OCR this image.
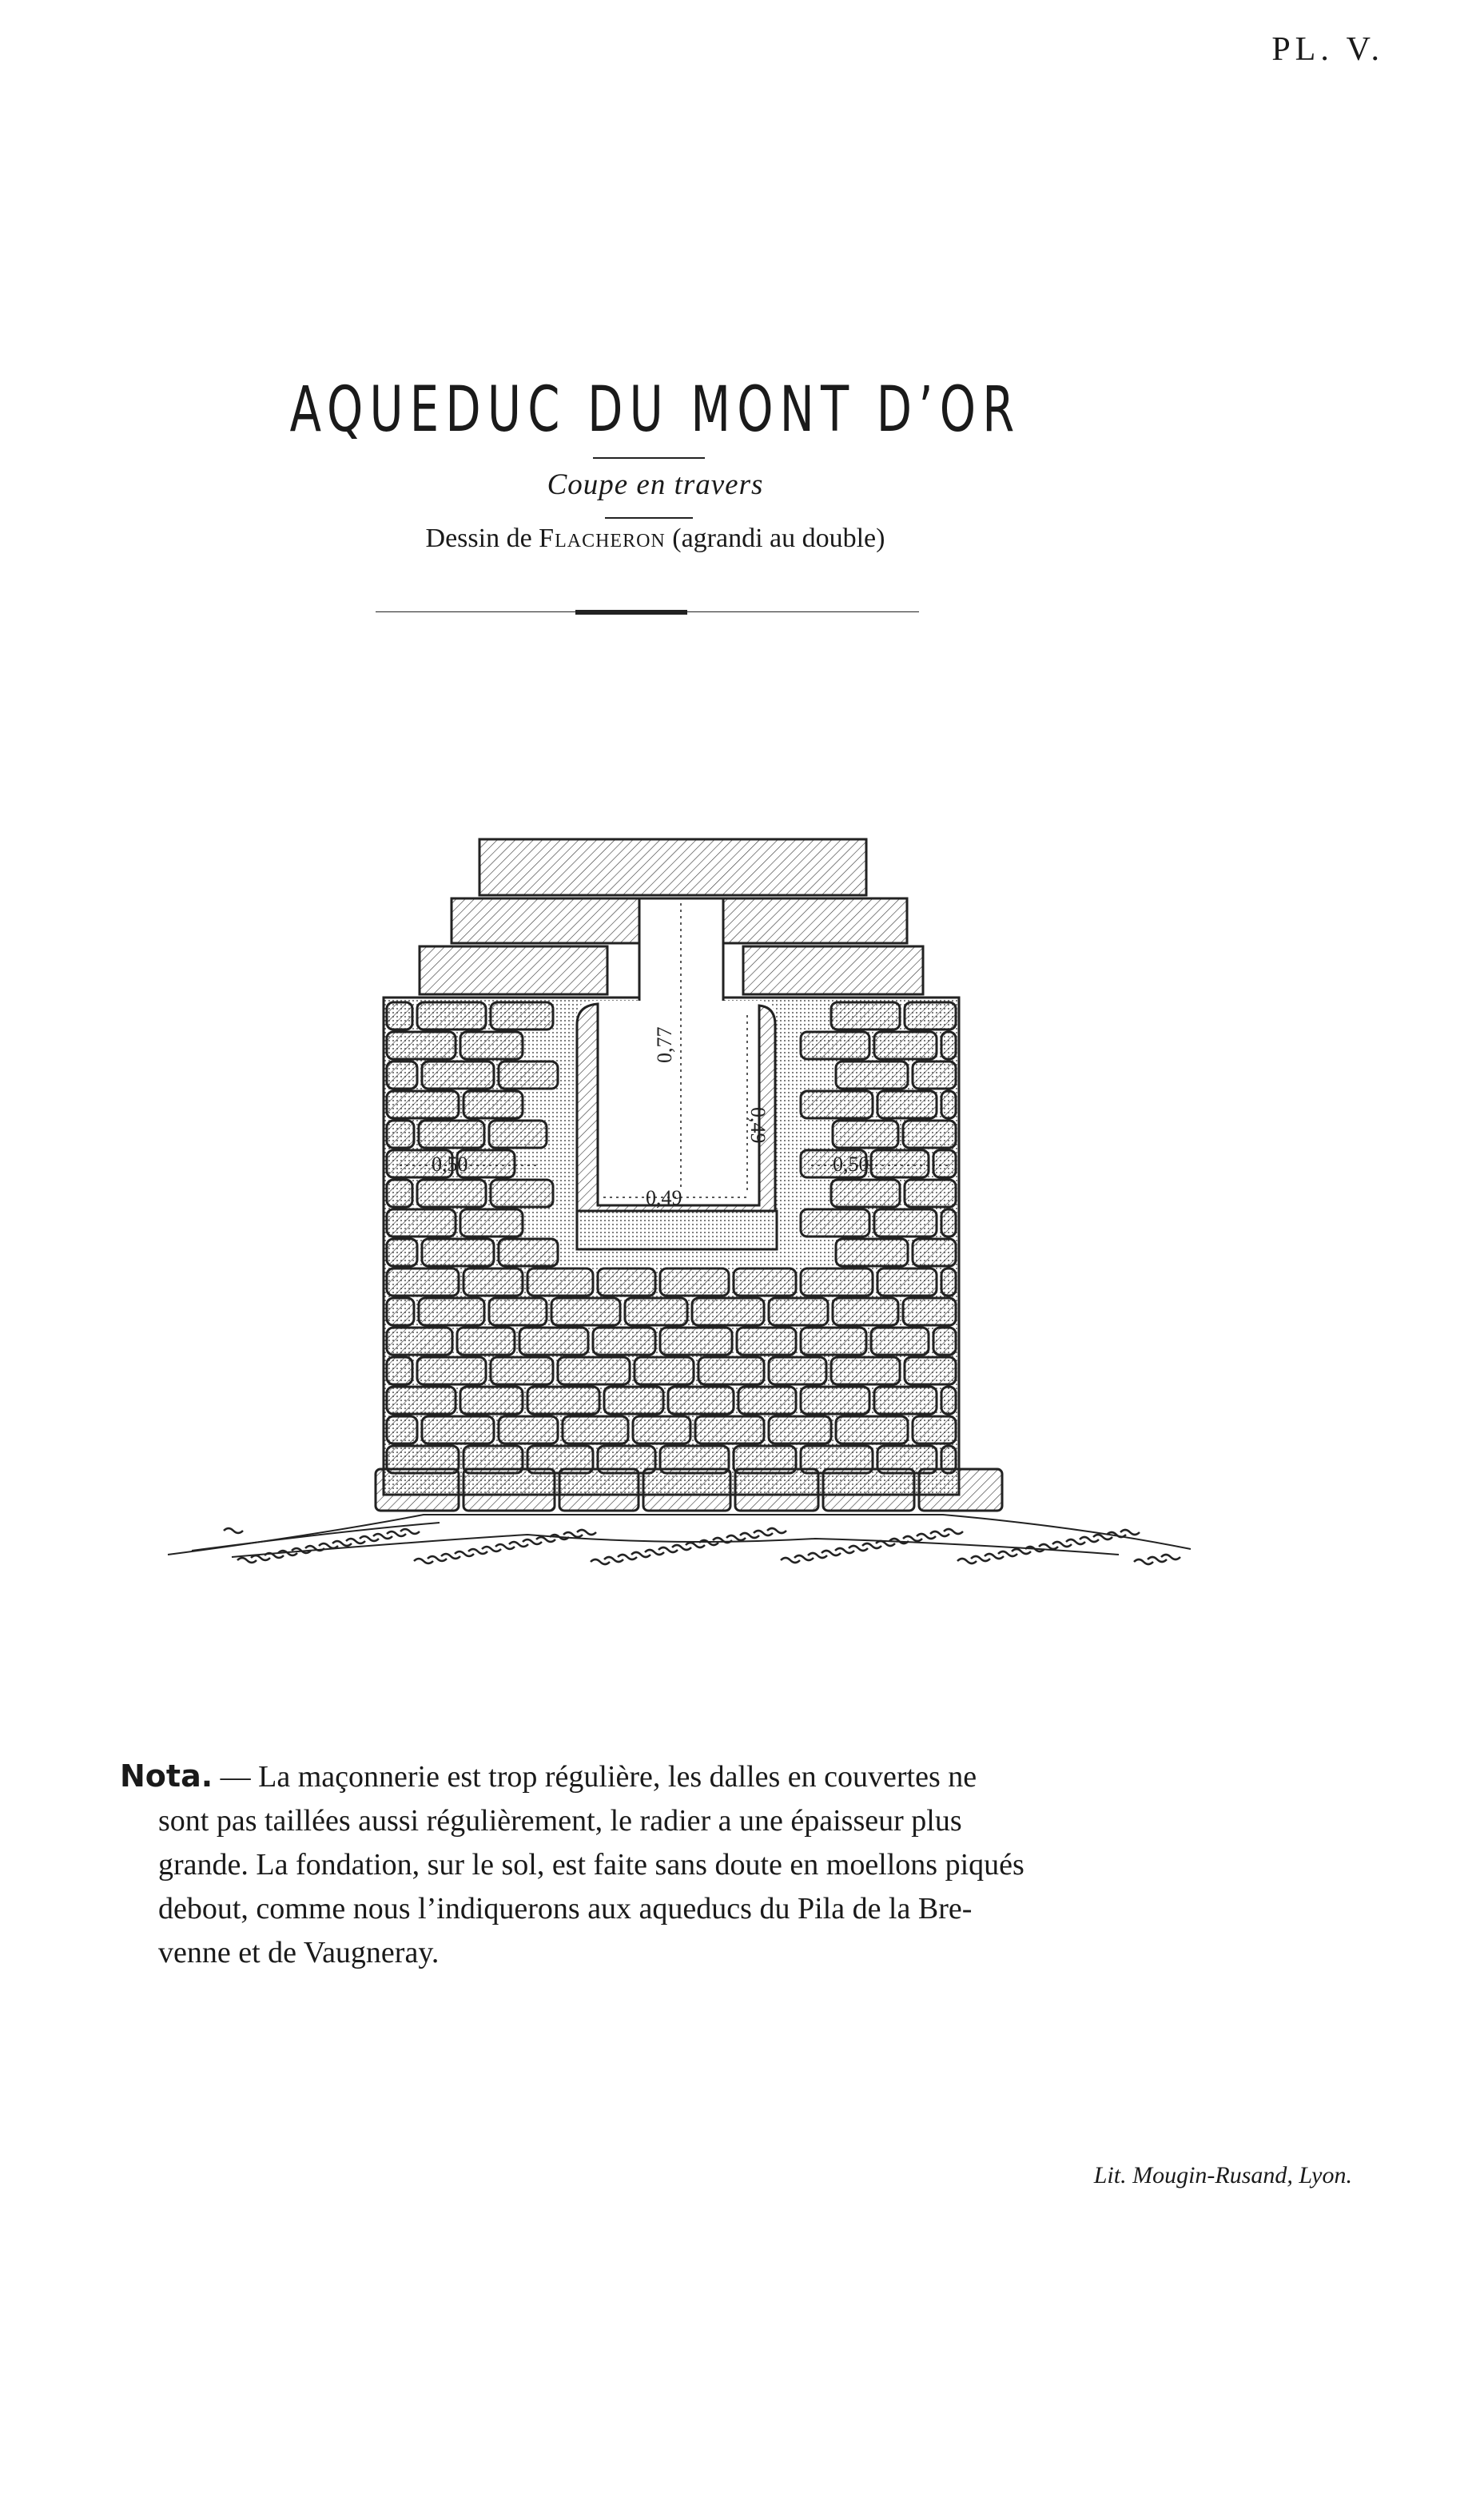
PL. V.
AQUEDUC DU MONT D’OR
Coupe en travers
Dessin de Flacheron (agrandi au double)
0,50	0,50
0,49
0,49
0,77

Nota. — La maçonnerie est trop régulière, les dalles en couvertes ne

sont pas taillées aussi régulièrement, le radier a une épaisseur plus

grande. La fondation, sur le sol, est faite sans doute en moellons piqués

debout, comme nous l’indiquerons aux aqueducs du Pila de la Bre-

venne et de Vaugneray.

Lit. Mougin-Rusand, Lyon.
